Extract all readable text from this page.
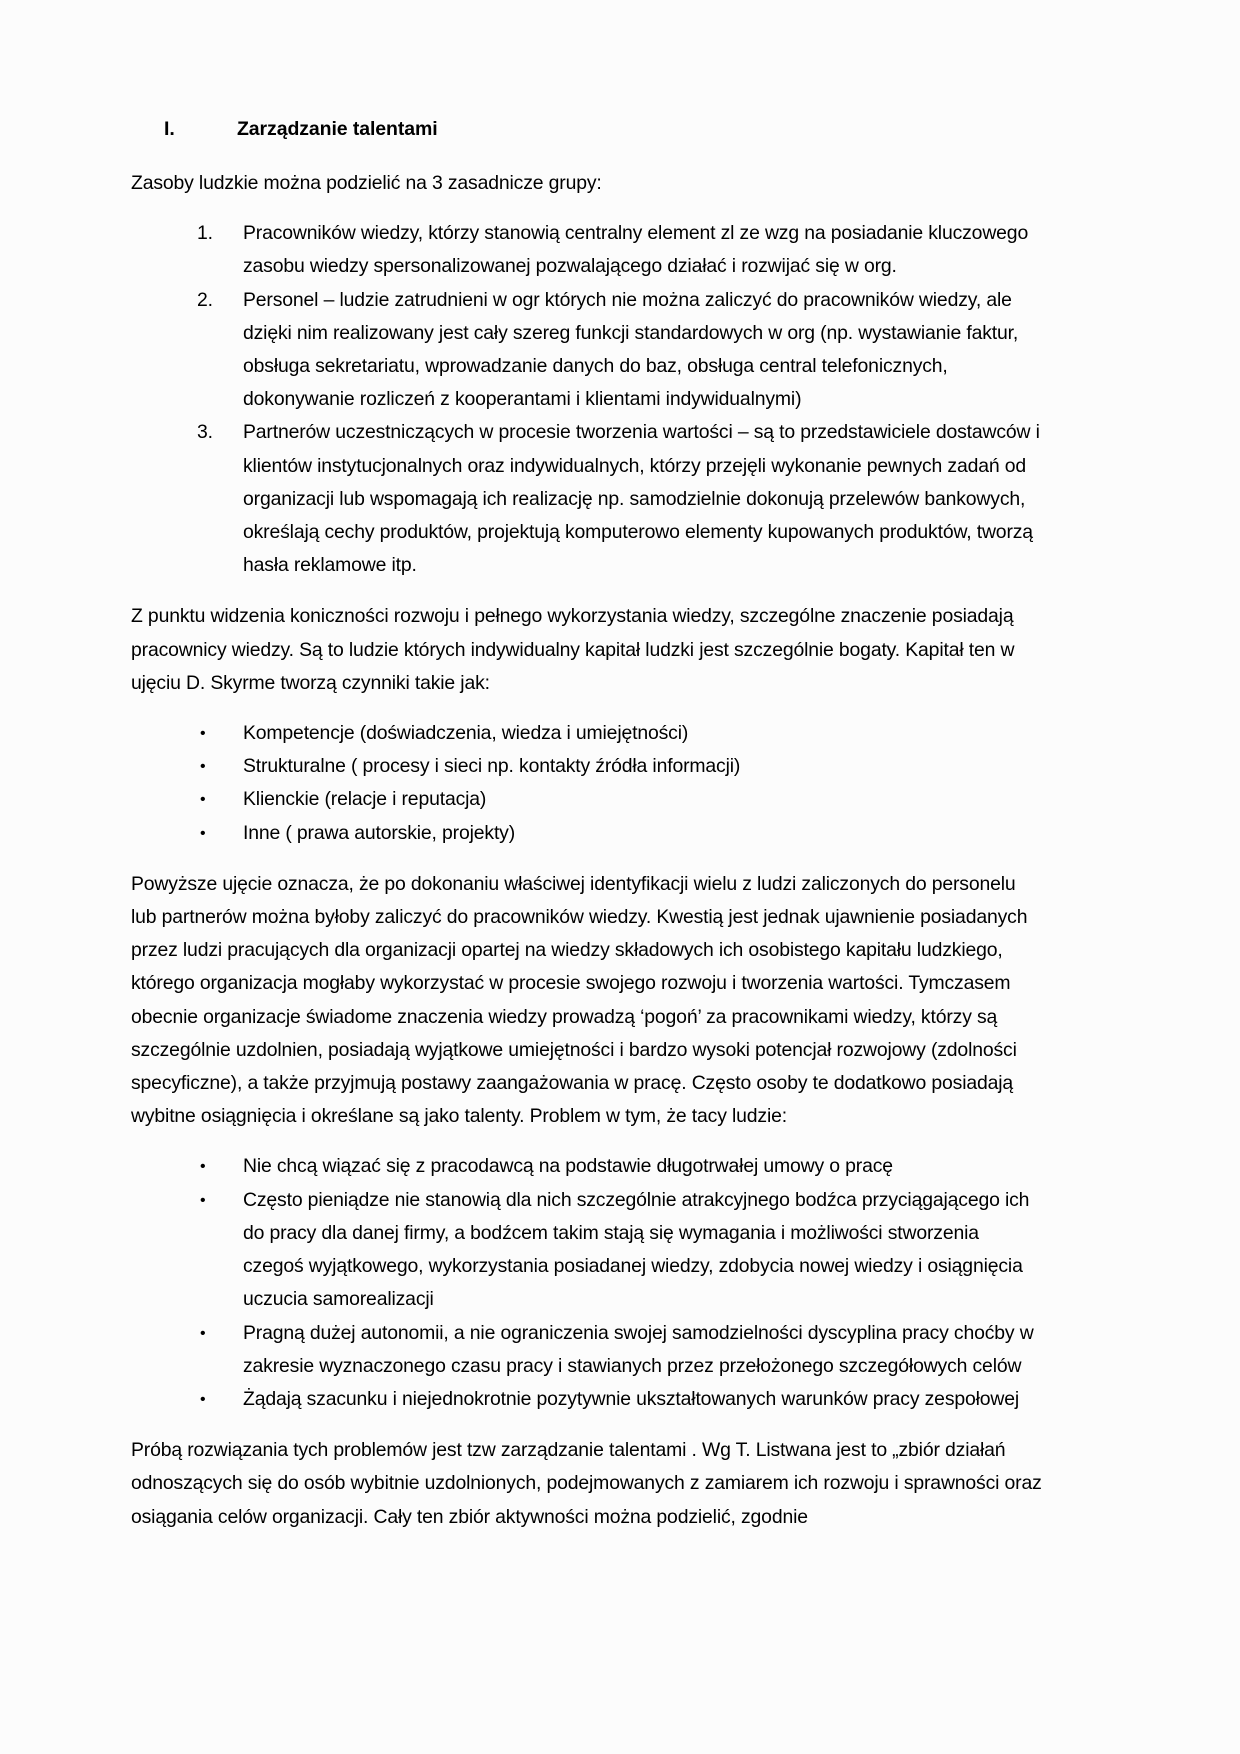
I.	Zarządzanie talentami

Zasoby ludzkie można podzielić na 3 zasadnicze grupy:

1.	Pracowników wiedzy, którzy stanowią centralny element zl ze wzg na posiadanie kluczowego zasobu wiedzy spersonalizowanej pozwalającego działać i rozwijać się w org.
2.	Personel – ludzie zatrudnieni w ogr których nie można zaliczyć do pracowników wiedzy, ale dzięki nim realizowany jest cały szereg funkcji standardowych w org (np. wystawianie faktur, obsługa sekretariatu, wprowadzanie danych do baz, obsługa central telefonicznych, dokonywanie rozliczeń z kooperantami i klientami indywidualnymi)
3.	Partnerów uczestniczących w procesie tworzenia wartości – są to przedstawiciele dostawców i klientów instytucjonalnych oraz indywidualnych, którzy przejęli wykonanie pewnych zadań od organizacji lub wspomagają ich realizację np. samodzielnie dokonują przelewów bankowych, określają cechy produktów, projektują komputerowo elementy kupowanych produktów, tworzą hasła reklamowe itp.

Z punktu widzenia koniczności rozwoju i pełnego wykorzystania wiedzy, szczególne znaczenie posiadają pracownicy wiedzy. Są to ludzie których indywidualny kapitał ludzki jest szczególnie bogaty. Kapitał ten w ujęciu D. Skyrme tworzą czynniki takie jak:

• Kompetencje (doświadczenia, wiedza i umiejętności)
• Strukturalne ( procesy i sieci np. kontakty źródła informacji)
• Klienckie (relacje i reputacja)
• Inne ( prawa autorskie, projekty)

Powyższe ujęcie oznacza, że po dokonaniu właściwej identyfikacji wielu z ludzi zaliczonych do personelu lub partnerów można byłoby zaliczyć do pracowników wiedzy. Kwestią jest jednak ujawnienie posiadanych przez ludzi pracujących dla organizacji opartej na wiedzy składowych ich osobistego kapitału ludzkiego, którego organizacja mogłaby wykorzystać w procesie swojego rozwoju i tworzenia wartości. Tymczasem obecnie organizacje świadome znaczenia wiedzy prowadzą ‘pogoń’ za pracownikami wiedzy, którzy są szczególnie uzdolnien, posiadają wyjątkowe umiejętności i bardzo wysoki potencjał rozwojowy (zdolności specyficzne), a także przyjmują postawy zaangażowania w pracę. Często osoby te dodatkowo posiadają wybitne osiągnięcia i określane są jako talenty. Problem w tym, że tacy ludzie:

• Nie chcą wiązać się z pracodawcą na podstawie długotrwałej umowy o pracę
• Często pieniądze nie stanowią dla nich szczególnie atrakcyjnego bodźca przyciągającego ich do pracy dla danej firmy, a bodźcem takim stają się wymagania i możliwości stworzenia czegoś wyjątkowego, wykorzystania posiadanej wiedzy, zdobycia nowej wiedzy i osiągnięcia uczucia samorealizacji
• Pragną dużej autonomii, a nie ograniczenia swojej samodzielności dyscyplina pracy choćby w zakresie wyznaczonego czasu pracy i stawianych przez przełożonego szczegółowych celów
• Żądają szacunku i niejednokrotnie pozytywnie ukształtowanych warunków pracy zespołowej

Próbą rozwiązania tych problemów jest tzw zarządzanie talentami . Wg T. Listwana jest to „zbiór działań odnoszących się do osób wybitnie uzdolnionych, podejmowanych z zamiarem ich rozwoju i sprawności oraz osiągania celów organizacji. Cały ten zbiór aktywności można podzielić, zgodnie
